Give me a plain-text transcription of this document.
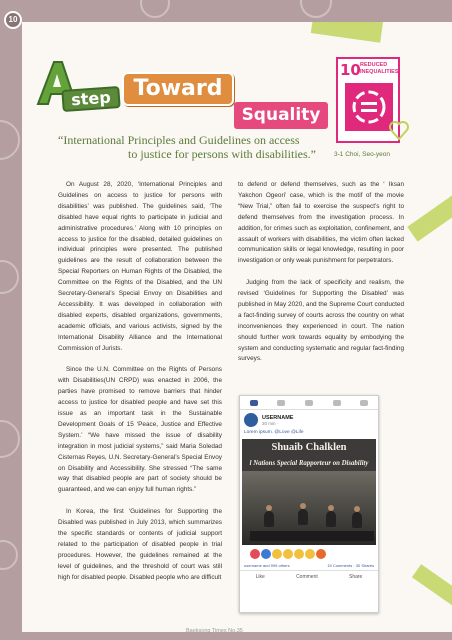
step	Toward
Squality
10 REDUCED INEQUALITIES
“International Principles and Guidelines on access
to justice for persons with disabilities.”	3-1 Choi, Seo-yeon

On August 28, 2020, ‘International Principles and Guidelines on access to justice for persons with disabilities’ was published. The guidelines said, ‘The disabled have equal rights to participate in judicial and administrative procedures.’ Along with 10 principles on access to justice for the disabled, detailed guidelines on individual principles were presented. The published guidelines are the result of collaboration between the Special Reporters on Human Rights of the Disabled, the Committee on the Rights of the Disabled, and the UN Secretary-General’s Special Envoy on Disabilities and Accessibility. It was developed in collaboration with disabled experts, disabled organizations, governments, academic officials, and various activists, signed by the International Disability Alliance and the International Commission of Jurists.

Since the U.N. Committee on the Rights of Persons with Disabilities(UN CRPD) was enacted in 2006, the parties have promised to remove barriers that hinder access to justice for disabled people and have set this issue as an important task in the Sustainable Development Goals of 15 ‘Peace, Justice and Effective System.’ “We have missed the issue of disability integration in most judicial systems,” said Maria Soledad Cisternas Reyes, U.N. Secretary-General’s Special Envoy on Disability and Accessibility. She stressed “The same way that disabled people are part of society should be guaranteed, and we can enjoy full human rights.”

In Korea, the first ‘Guidelines for Supporting the Disabled was published in July 2013, which summarizes the specific standards or contents of judicial support related to the participation of disabled people in trial procedures. However, the guidelines remained at the level of guidelines, and the threshold of court was still high for disabled people. Disabled people who are difficult

to defend or defend themselves, such as the ‘ Iksan Yakchon Ogeori’ case, which is the motif of the movie “New Trial,” often fail to exercise the suspect’s right to defend themselves from the investigation process. In addition, for crimes such as exploitation, confinement, and assault of workers with disabilities, the victim often lacked communication skills or legal knowledge, resulting in poor investigation or only weak punishment for perpetrators.

Judging from the lack of specificity and realism, the revised ‘Guidelines for Supporting the Disabled’ was published in May 2020, and the Supreme Court conducted a fact-finding survey of courts across the country on what inconveniences they experienced in court. The nation should further work towards equality by embodying the system and conducting systematic and regular fact-finding surveys.

USERNAME
30 min ·
Lorem ipsum. @Love @Life
Shuaib Chalklen
l Nations Special Rapporteur on Disability
username and 999 others	15 Comments · 30 Shares
Like	Comment	Share
10
Baeksong Times No.35
